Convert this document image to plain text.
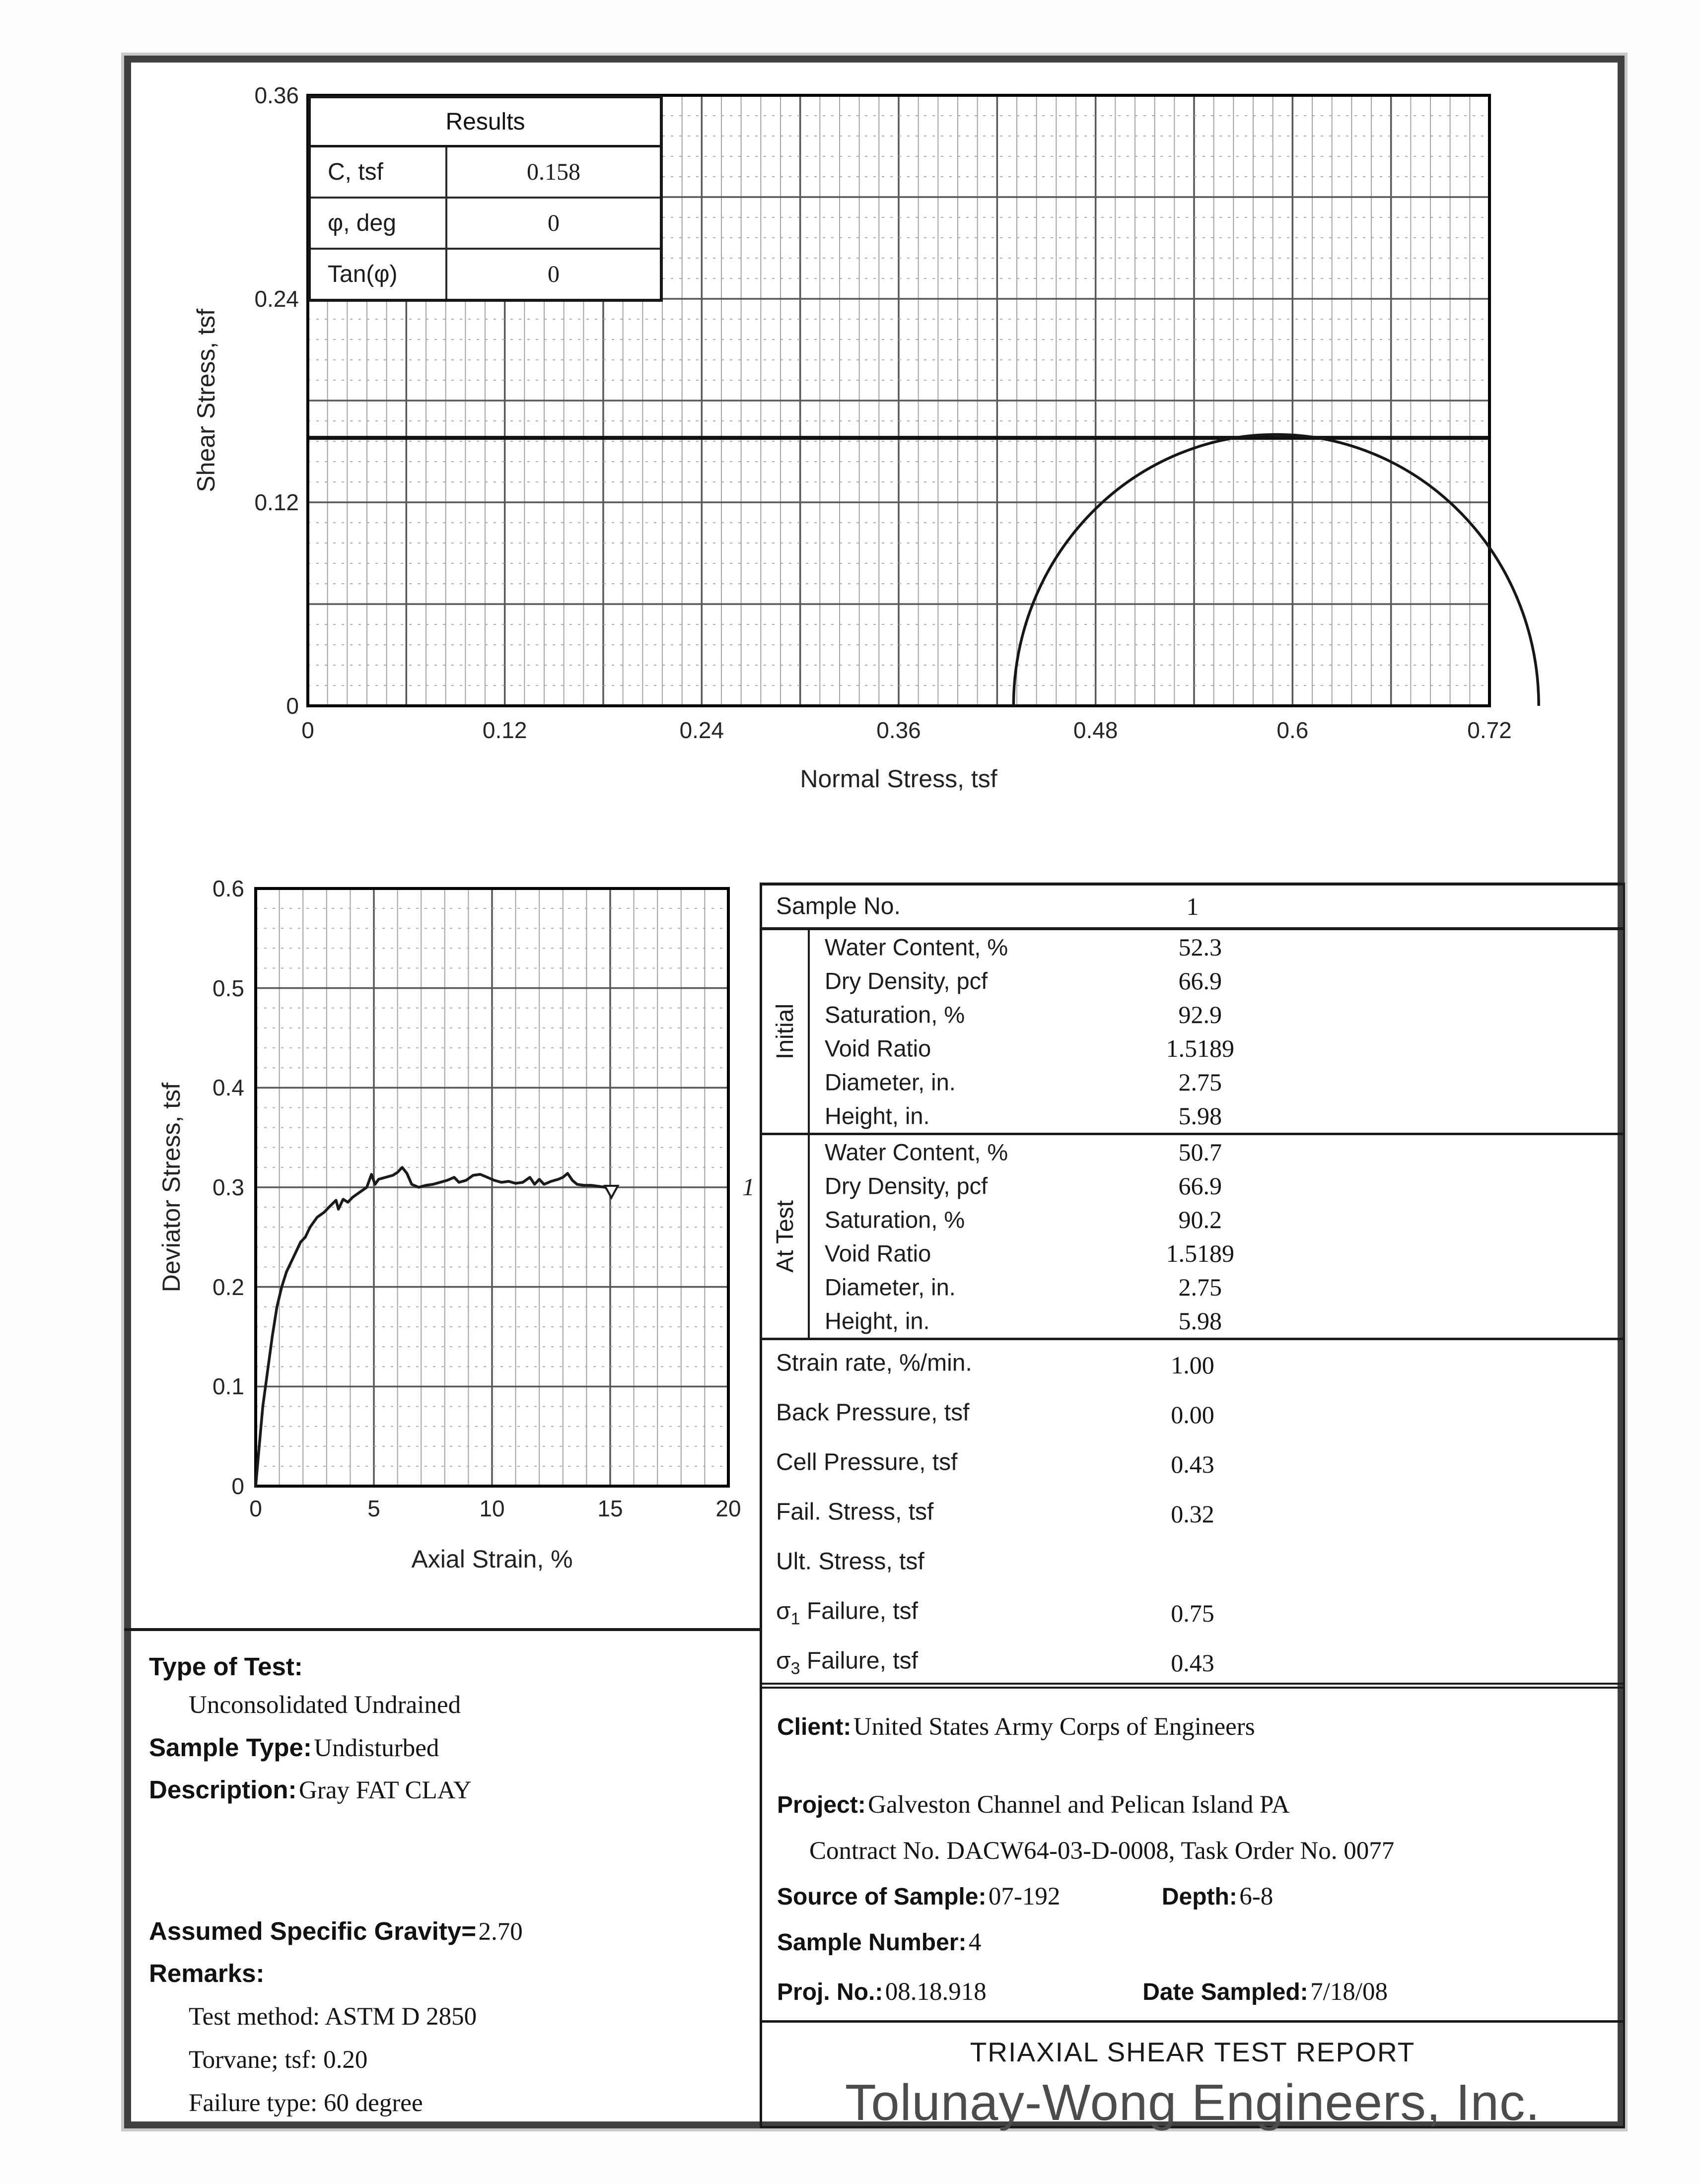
Shear Stress, tsf
0
0.12
0.24
0.36
0	0.12	0.24	0.36	0.48	0.6	0.72
Normal Stress, tsf
Results
C, tsf	0.158
φ, deg	0
Tan(φ)	0
Deviator Stress, tsf
0
0.1
0.2
0.3
0.4
0.5
0.6
0	5	10	15	20
Axial Strain, %
1
Sample No.	1
Initial
Water Content, %	52.3
Dry Density, pcf	66.9
Saturation, %	92.9
Void Ratio	1.5189
Diameter, in.	2.75
Height, in.	5.98
At Test
Water Content, %	50.7
Dry Density, pcf	66.9
Saturation, %	90.2
Void Ratio	1.5189
Diameter, in.	2.75
Height, in.	5.98
Strain rate, %/min.	1.00
Back Pressure, tsf	0.00
Cell Pressure, tsf	0.43
Fail. Stress, tsf	0.32
Ult. Stress, tsf
$\sigma_1$ Failure, tsf	0.75
$\sigma_3$ Failure, tsf	0.43
Type of Test:
Unconsolidated Undrained
Sample Type: Undisturbed
Description: Gray FAT CLAY
Assumed Specific Gravity= 2.70
Remarks:
Test method: ASTM D 2850
Torvane; tsf: 0.20
Failure type: 60 degree
Client: United States Army Corps of Engineers
Project: Galveston Channel and Pelican Island PA
Contract No. DACW64-03-D-0008, Task Order No. 0077
Source of Sample: 07-192	Depth: 6-8
Sample Number: 4
Proj. No.: 08.18.918	Date Sampled: 7/18/08
TRIAXIAL SHEAR TEST REPORT
Tolunay-Wong Engineers, Inc.
